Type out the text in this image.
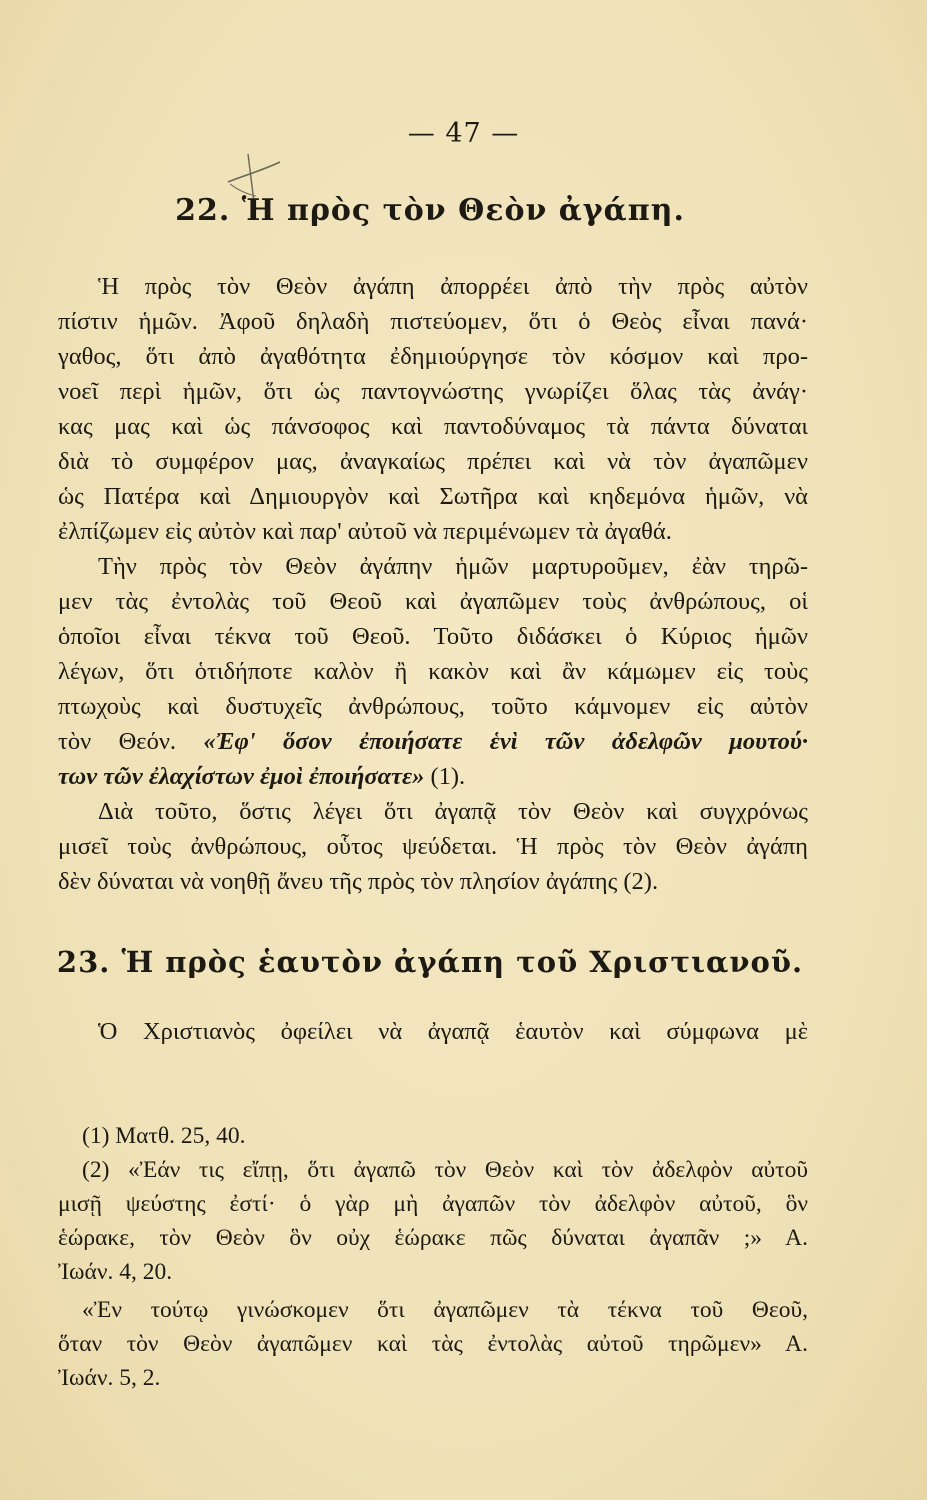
— 47 —
22. Ἡ πρὸς τὸν Θεὸν ἀγάπη.
Ἡ πρὸς τὸν Θεὸν ἀγάπη ἀπορρέει ἀπὸ τὴν πρὸς αὐτὸν
πίστιν ἡμῶν. Ἀφοῦ δηλαδὴ πιστεύομεν, ὅτι ὁ Θεὸς εἶναι πανά·
γαθος, ὅτι ἀπὸ ἀγαθότητα ἐδημιούργησε τὸν κόσμον καὶ προ-
νοεῖ περὶ ἡμῶν, ὅτι ὡς παντογνώστης γνωρίζει ὅλας τὰς ἀνάγ·
κας μας καὶ ὡς πάνσοφος καὶ παντοδύναμος τὰ πάντα δύναται
διὰ τὸ συμφέρον μας, ἀναγκαίως πρέπει καὶ νὰ τὸν ἀγαπῶμεν
ὡς Πατέρα καὶ Δημιουργὸν καὶ Σωτῆρα καὶ κηδεμόνα ἡμῶν, νὰ
ἐλπίζωμεν εἰς αὐτὸν καὶ παρ' αὐτοῦ νὰ περιμένωμεν τὰ ἀγαθά.
Τὴν πρὸς τὸν Θεὸν ἀγάπην ἡμῶν μαρτυροῦμεν, ἐὰν τηρῶ-
μεν τὰς ἐντολὰς τοῦ Θεοῦ καὶ ἀγαπῶμεν τοὺς ἀνθρώπους, οἱ
ὁποῖοι εἶναι τέκνα τοῦ Θεοῦ. Τοῦτο διδάσκει ὁ Κύριος ἡμῶν
λέγων, ὅτι ὁτιδήποτε καλὸν ἢ κακὸν καὶ ἂν κάμωμεν εἰς τοὺς
πτωχοὺς καὶ δυστυχεῖς ἀνθρώπους, τοῦτο κάμνομεν εἰς αὐτὸν
τὸν Θεόν. «Ἐφ' ὅσον ἐποιήσατε ἑνὶ τῶν ἀδελφῶν μουτού·
των τῶν ἐλαχίστων ἐμοὶ ἐποιήσατε» (1).
Διὰ τοῦτο, ὅστις λέγει ὅτι ἀγαπᾷ τὸν Θεὸν καὶ συγχρόνως
μισεῖ τοὺς ἀνθρώπους, οὗτος ψεύδεται. Ἡ πρὸς τὸν Θεὸν ἀγάπη
δὲν δύναται νὰ νοηθῇ ἄνευ τῆς πρὸς τὸν πλησίον ἀγάπης (2).
23. Ἡ πρὸς ἑαυτὸν ἀγάπη τοῦ Χριστιανοῦ.
Ὁ Χριστιανὸς ὀφείλει νὰ ἀγαπᾷ ἑαυτὸν καὶ σύμφωνα μὲ
(1) Ματθ. 25, 40.
(2) «Ἐάν τις εἴπῃ, ὅτι ἀγαπῶ τὸν Θεὸν καὶ τὸν ἀδελφὸν αὐτοῦ
μισῇ ψεύστης ἐστί· ὁ γὰρ μὴ ἀγαπῶν τὸν ἀδελφὸν αὐτοῦ, ὃν
ἑώρακε, τὸν Θεὸν ὃν οὐχ ἑώρακε πῶς δύναται ἀγαπᾶν ;» Α.
Ἰωάν. 4, 20.
«Ἐν τούτῳ γινώσκομεν ὅτι ἀγαπῶμεν τὰ τέκνα τοῦ Θεοῦ,
ὅταν τὸν Θεὸν ἀγαπῶμεν καὶ τὰς ἐντολὰς αὐτοῦ τηρῶμεν» Α.
Ἰωάν. 5, 2.
